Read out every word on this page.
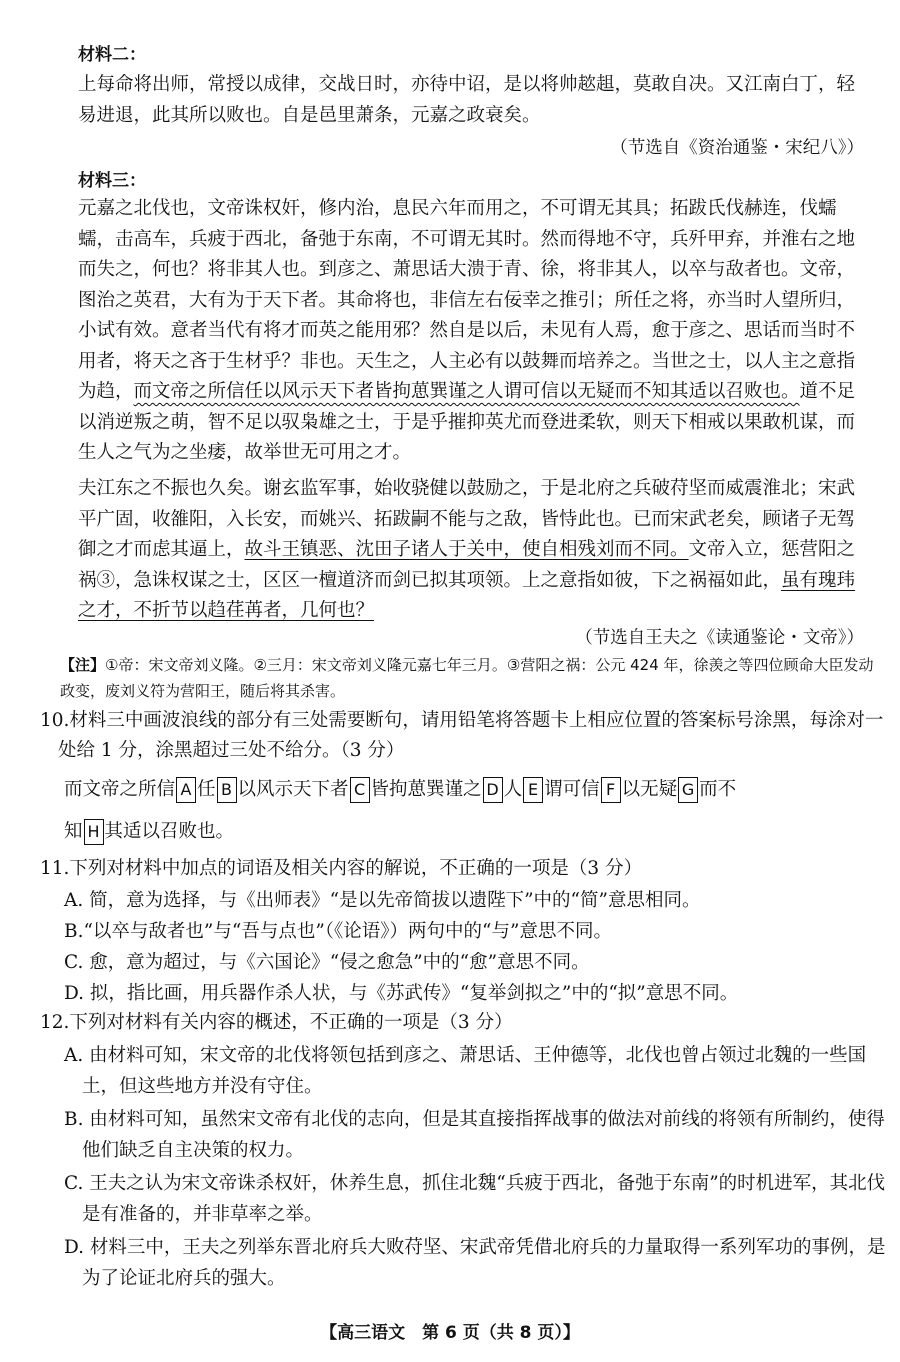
材料二：
上每命将出师，常授以成律，交战日时，亦待中诏，是以将帅趑趄，莫敢自决。又江南白丁，轻易进退，此其所以败也。自是邑里萧条，元嘉之政衰矣。
（节选自《资治通鉴・宋纪八》）
材料三：
元嘉之北伐也，文帝诛权奸，修内治，息民六年而用之，不可谓无其具；拓跋氏伐赫连，伐蠕蠕，击高车，兵疲于西北，备弛于东南，不可谓无其时。然而得地不守，兵歼甲弃，并淮右之地而失之，何也？将非其人也。到彦之、萧思话大溃于青、徐，将非其人，以卒与敌者也。文帝，图治之英君，大有为于天下者。其命将也，非信左右佞幸之推引；所任之将，亦当时人望所归，小试有效。意者当代有将才而英之能用邪？然自是以后，未见有人焉，愈于彦之、思话而当时不用者，将天之吝于生材乎？非也。天生之，人主必有以鼓舞而培养之。当世之士，以人主之意指为趋，而文帝之所信任以风示天下者皆拘葸巽谨之人谓可信以无疑而不知其适以召败也。道不足以消逆叛之萌，智不足以驭枭雄之士，于是乎摧抑英尤而登进柔软，则天下相戒以果敢机谋，而生人之气为之坐痿，故举世无可用之才。
夫江东之不振也久矣。谢玄监军事，始收骁健以鼓励之，于是北府之兵破苻坚而威震淮北；宋武平广固，收雒阳，入长安，而姚兴、拓跋嗣不能与之敌，皆恃此也。已而宋武老矣，顾诸子无驾御之才而虑其逼上，故斗王镇恶、沈田子诸人于关中，使自相残刘而不同。文帝入立，惩营阳之祸③，急诛权谋之士，区区一檀道济而剑已拟其项领。上之意指如彼，下之祸福如此，虽有瑰玮之才，不折节以趋荏苒者，几何也？
（节选自王夫之《读通鉴论・文帝》）
【注】①帝：宋文帝刘义隆。②三月：宋文帝刘义隆元嘉七年三月。③营阳之祸：公元 424 年，徐羡之等四位顾命大臣发动政变，废刘义符为营阳王，随后将其杀害。
10.材料三中画波浪线的部分有三处需要断句，请用铅笔将答题卡上相应位置的答案标号涂黑，每涂对一处给 1 分，涂黑超过三处不给分。（3 分）
而文帝之所信 A 任 B 以风示天下者 C 皆拘葸巽谨之 D 人 E 谓可信 F 以无疑 G 而不
知 H 其适以召败也。
11.下列对材料中加点的词语及相关内容的解说，不正确的一项是（3 分）
A. 简，意为选择，与《出师表》“是以先帝简拔以遗陛下”中的“简”意思相同。
B.“以卒与敌者也”与“吾与点也”（《论语》）两句中的“与”意思不同。
C. 愈，意为超过，与《六国论》“侵之愈急”中的“愈”意思不同。
D. 拟，指比画，用兵器作杀人状，与《苏武传》“复举剑拟之”中的“拟”意思不同。
12.下列对材料有关内容的概述，不正确的一项是（3 分）
A. 由材料可知，宋文帝的北伐将领包括到彦之、萧思话、王仲德等，北伐也曾占领过北魏的一些国土，但这些地方并没有守住。
B. 由材料可知，虽然宋文帝有北伐的志向，但是其直接指挥战事的做法对前线的将领有所制约，使得他们缺乏自主决策的权力。
C. 王夫之认为宋文帝诛杀权奸，休养生息，抓住北魏“兵疲于西北，备弛于东南”的时机进军，其北伐是有准备的，并非草率之举。
D. 材料三中，王夫之列举东晋北府兵大败苻坚、宋武帝凭借北府兵的力量取得一系列军功的事例，是为了论证北府兵的强大。
【高三语文　第 6 页（共 8 页）】
